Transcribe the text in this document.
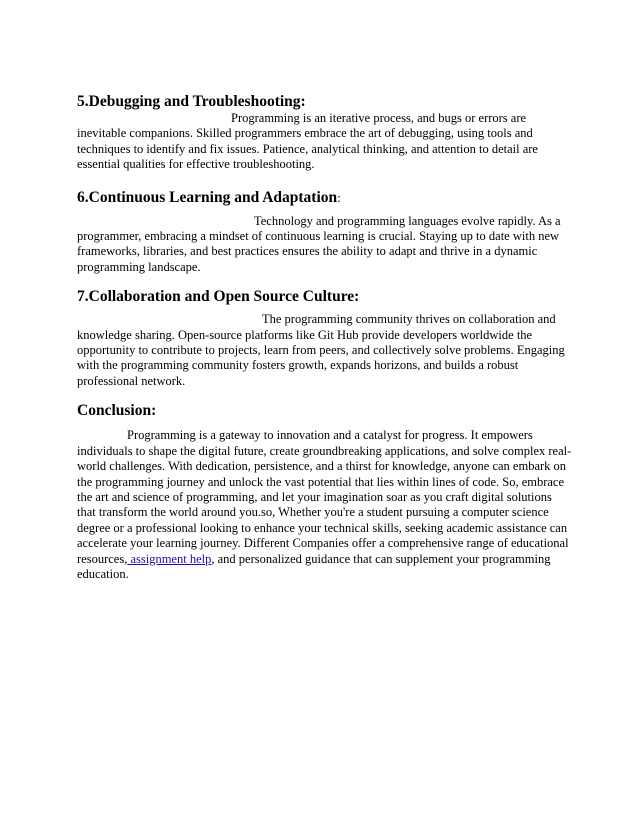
5.Debugging and Troubleshooting:

Programming is an iterative process, and bugs or errors are inevitable companions. Skilled programmers embrace the art of debugging, using tools and techniques to identify and fix issues. Patience, analytical thinking, and attention to detail are essential qualities for effective troubleshooting.

6.Continuous Learning and Adaptation:

Technology and programming languages evolve rapidly. As a programmer, embracing a mindset of continuous learning is crucial. Staying up to date with new frameworks, libraries, and best practices ensures the ability to adapt and thrive in a dynamic programming landscape.

7.Collaboration and Open Source Culture:

The programming community thrives on collaboration and knowledge sharing. Open-source platforms like Git Hub provide developers worldwide the opportunity to contribute to projects, learn from peers, and collectively solve problems. Engaging with the programming community fosters growth, expands horizons, and builds a robust professional network.

Conclusion:

Programming is a gateway to innovation and a catalyst for progress. It empowers individuals to shape the digital future, create groundbreaking applications, and solve complex real-world challenges. With dedication, persistence, and a thirst for knowledge, anyone can embark on the programming journey and unlock the vast potential that lies within lines of code. So, embrace the art and science of programming, and let your imagination soar as you craft digital solutions that transform the world around you.so, Whether you're a student pursuing a computer science degree or a professional looking to enhance your technical skills, seeking academic assistance can accelerate your learning journey. Different Companies offer a comprehensive range of educational resources, assignment help, and personalized guidance that can supplement your programming education.
